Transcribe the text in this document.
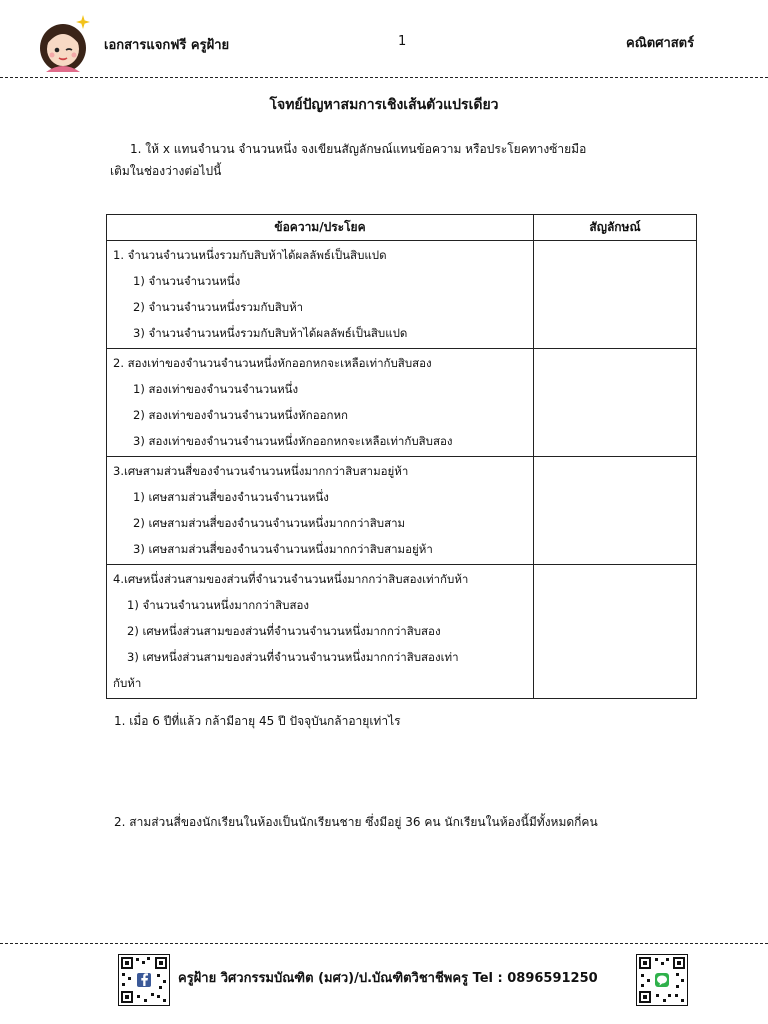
เอกสารแจกฟรี ครูฝ้าย	1	คณิตศาสตร์
โจทย์ปัญหาสมการเชิงเส้นตัวแปรเดียว
1. ให้ x แทนจำนวน จำนวนหนึ่ง จงเขียนสัญลักษณ์แทนข้อความ หรือประโยคทางซ้ายมือ
เติมในช่องว่างต่อไปนี้
ข้อความ/ประโยค	สัญลักษณ์

1. จำนวนจำนวนหนึ่งรวมกับสิบห้าได้ผลลัพธ์เป็นสิบแปด
1) จำนวนจำนวนหนึ่ง
2) จำนวนจำนวนหนึ่งรวมกับสิบห้า
3) จำนวนจำนวนหนึ่งรวมกับสิบห้าได้ผลลัพธ์เป็นสิบแปด	

2. สองเท่าของจำนวนจำนวนหนึ่งหักออกหกจะเหลือเท่ากับสิบสอง
1) สองเท่าของจำนวนจำนวนหนึ่ง
2) สองเท่าของจำนวนจำนวนหนึ่งหักออกหก
3) สองเท่าของจำนวนจำนวนหนึ่งหักออกหกจะเหลือเท่ากับสิบสอง	

3.เศษสามส่วนสี่ของจำนวนจำนวนหนึ่งมากกว่าสิบสามอยู่ห้า
1) เศษสามส่วนสี่ของจำนวนจำนวนหนึ่ง
2) เศษสามส่วนสี่ของจำนวนจำนวนหนึ่งมากกว่าสิบสาม
3) เศษสามส่วนสี่ของจำนวนจำนวนหนึ่งมากกว่าสิบสามอยู่ห้า	

4.เศษหนึ่งส่วนสามของส่วนที่จำนวนจำนวนหนึ่งมากกว่าสิบสองเท่ากับห้า
1) จำนวนจำนวนหนึ่งมากกว่าสิบสอง
2) เศษหนึ่งส่วนสามของส่วนที่จำนวนจำนวนหนึ่งมากกว่าสิบสอง
3) เศษหนึ่งส่วนสามของส่วนที่จำนวนจำนวนหนึ่งมากกว่าสิบสองเท่า
กับห้า	

1. เมื่อ 6 ปีที่แล้ว กล้ามีอายุ 45 ปี ปัจจุบันกล้าอายุเท่าไร
2. สามส่วนสี่ของนักเรียนในห้องเป็นนักเรียนชาย ซึ่งมีอยู่ 36 คน นักเรียนในห้องนี้มีทั้งหมดกี่คน
ครูฝ้าย วิศวกรรมบัณฑิต (มศว)/ป.บัณฑิตวิชาชีพครู Tel : 0896591250
